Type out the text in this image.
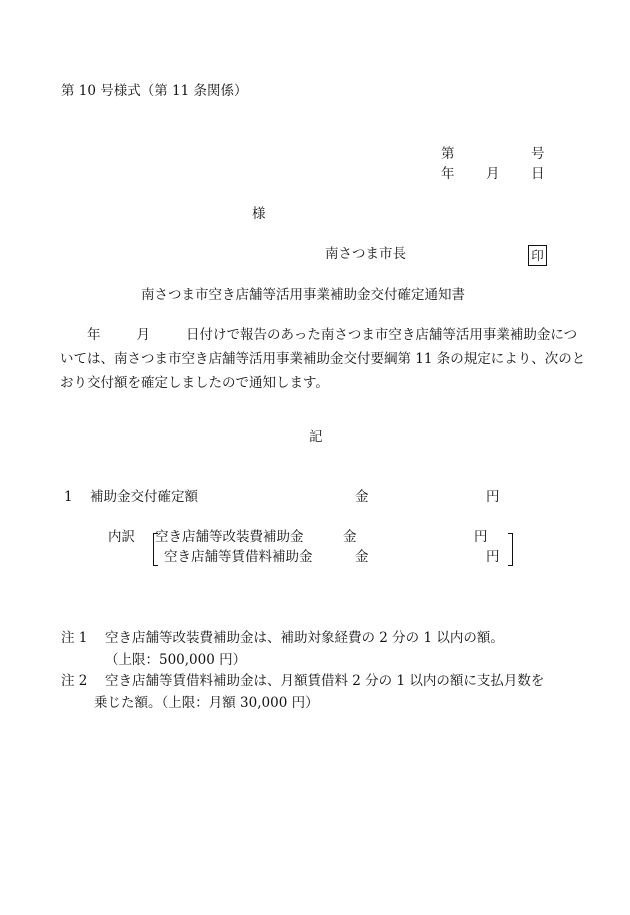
第 10 号様式（第 11 条関係）
第	号
年 月 日
様
南さつま市長	印
南さつま市空き店舗等活用事業補助金交付確定通知書
年	月	日付けで報告のあった南さつま市空き店舗等活用事業補助金については、南さつま市空き店舗等活用事業補助金交付要綱第 11 条の規定により、次のとおり交付額を確定しましたので通知します。
記
1 補助金交付確定額	金	円
内訳 空き店舗等改装費補助金	金	円
空き店舗等賃借料補助金	金	円
注 1 空き店舗等改装費補助金は、補助対象経費の 2 分の 1 以内の額。
（上限：500,000 円）
注 2 空き店舗等賃借料補助金は、月額賃借料 2 分の 1 以内の額に支払月数を
乗じた額。（上限：月額 30,000 円）
